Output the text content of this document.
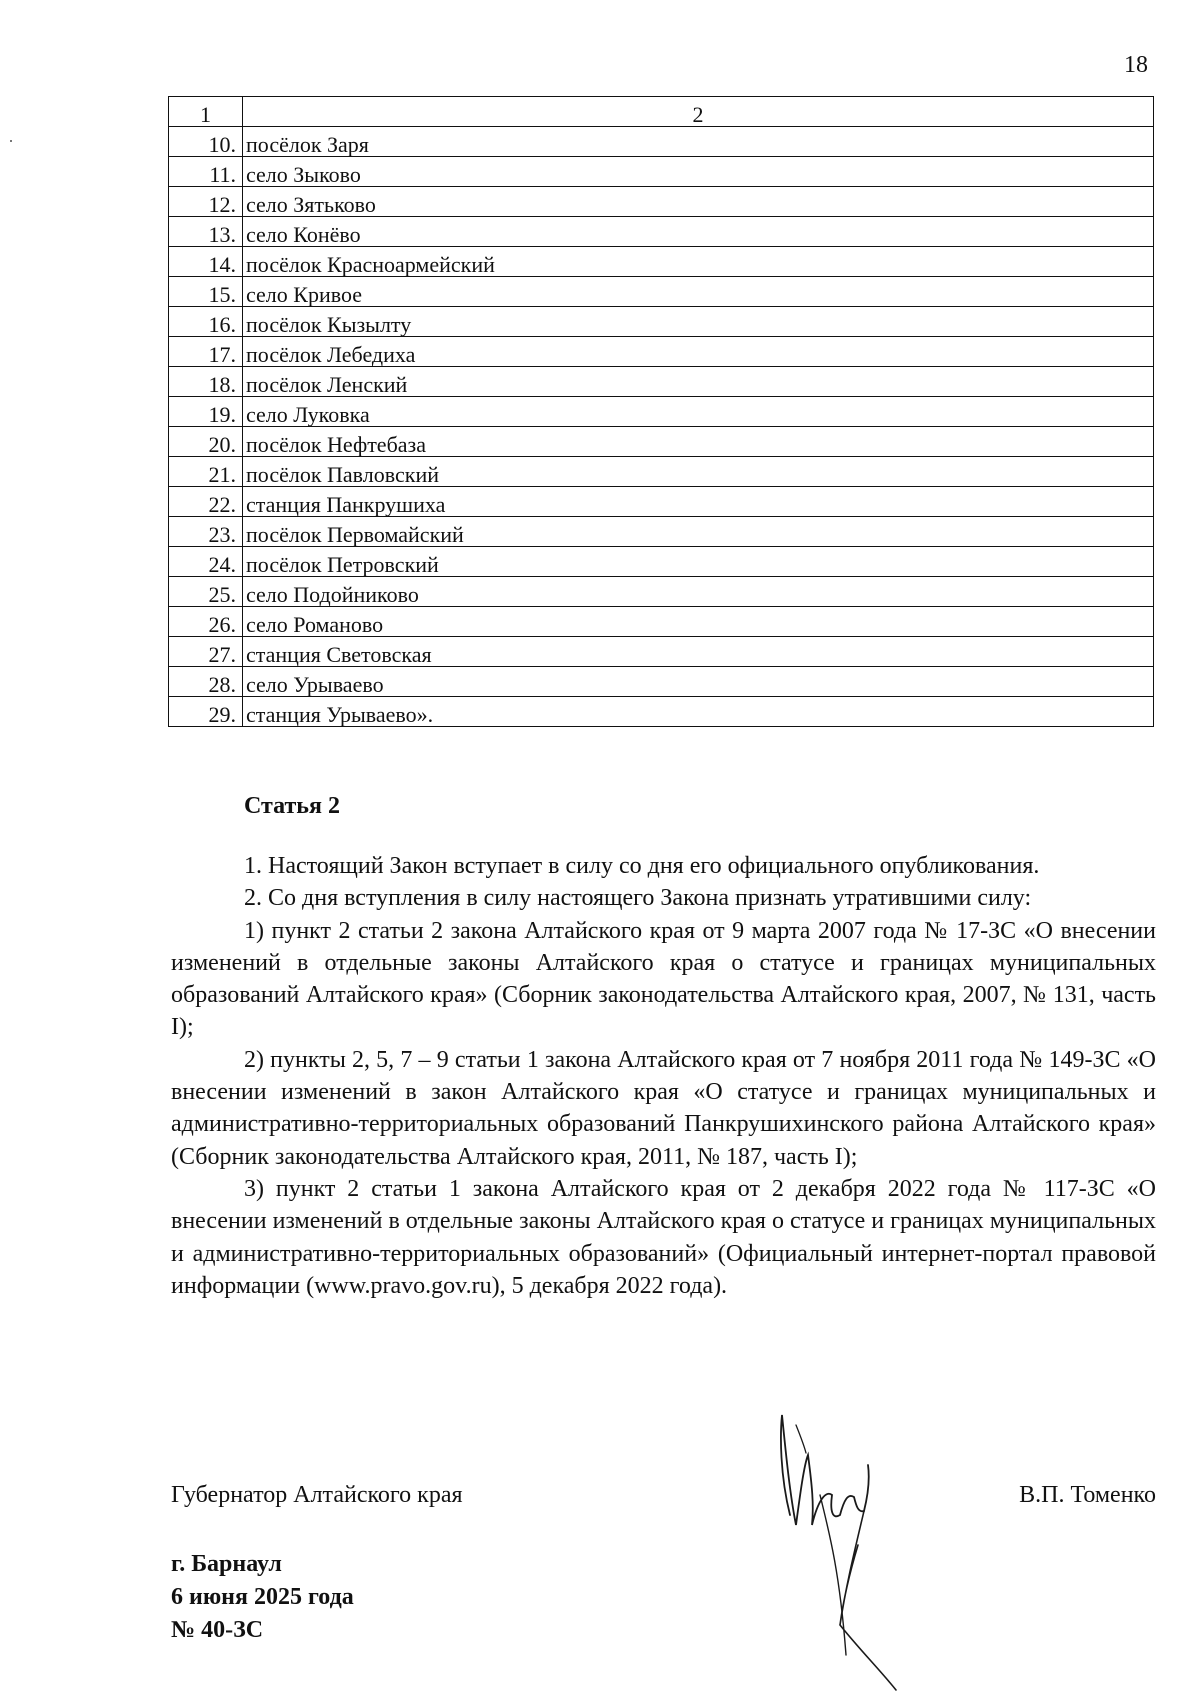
18
1	2
10.	посёлок Заря
11.	село Зыково
12.	село Зятьково
13.	село Конёво
14.	посёлок Красноармейский
15.	село Кривое
16.	посёлок Кызылту
17.	посёлок Лебедиха
18.	посёлок Ленский
19.	село Луковка
20.	посёлок Нефтебаза
21.	посёлок Павловский
22.	станция Панкрушиха
23.	посёлок Первомайский
24.	посёлок Петровский
25.	село Подойниково
26.	село Романово
27.	станция Световская
28.	село Урываево
29.	станция Урываево».
Статья 2

1. Настоящий Закон вступает в силу со дня его официального опубликования.

2. Со дня вступления в силу настоящего Закона признать утратившими силу:

1) пункт 2 статьи 2 закона Алтайского края от 9 марта 2007 года № 17-ЗС «О внесении изменений в отдельные законы Алтайского края о статусе и границах муниципальных образований Алтайского края» (Сборник законодательства Алтайского края, 2007, № 131, часть I);

2) пункты 2, 5, 7 – 9 статьи 1 закона Алтайского края от 7 ноября 2011 года № 149-ЗС «О внесении изменений в закон Алтайского края «О статусе и границах муниципальных и административно-территориальных образований Панкрушихинского района Алтайского края» (Сборник законодательства Алтайского края, 2011, № 187, часть I);

3) пункт 2 статьи 1 закона Алтайского края от 2 декабря 2022 года № 117-ЗС «О внесении изменений в отдельные законы Алтайского края о статусе и границах муниципальных и административно-территориальных образований» (Официальный интернет-портал правовой информации (www.pravo.gov.ru), 5 декабря 2022 года).

Губернатор Алтайского края	В.П. Томенко
г. Барнаул
6 июня 2025 года
№ 40-ЗС
